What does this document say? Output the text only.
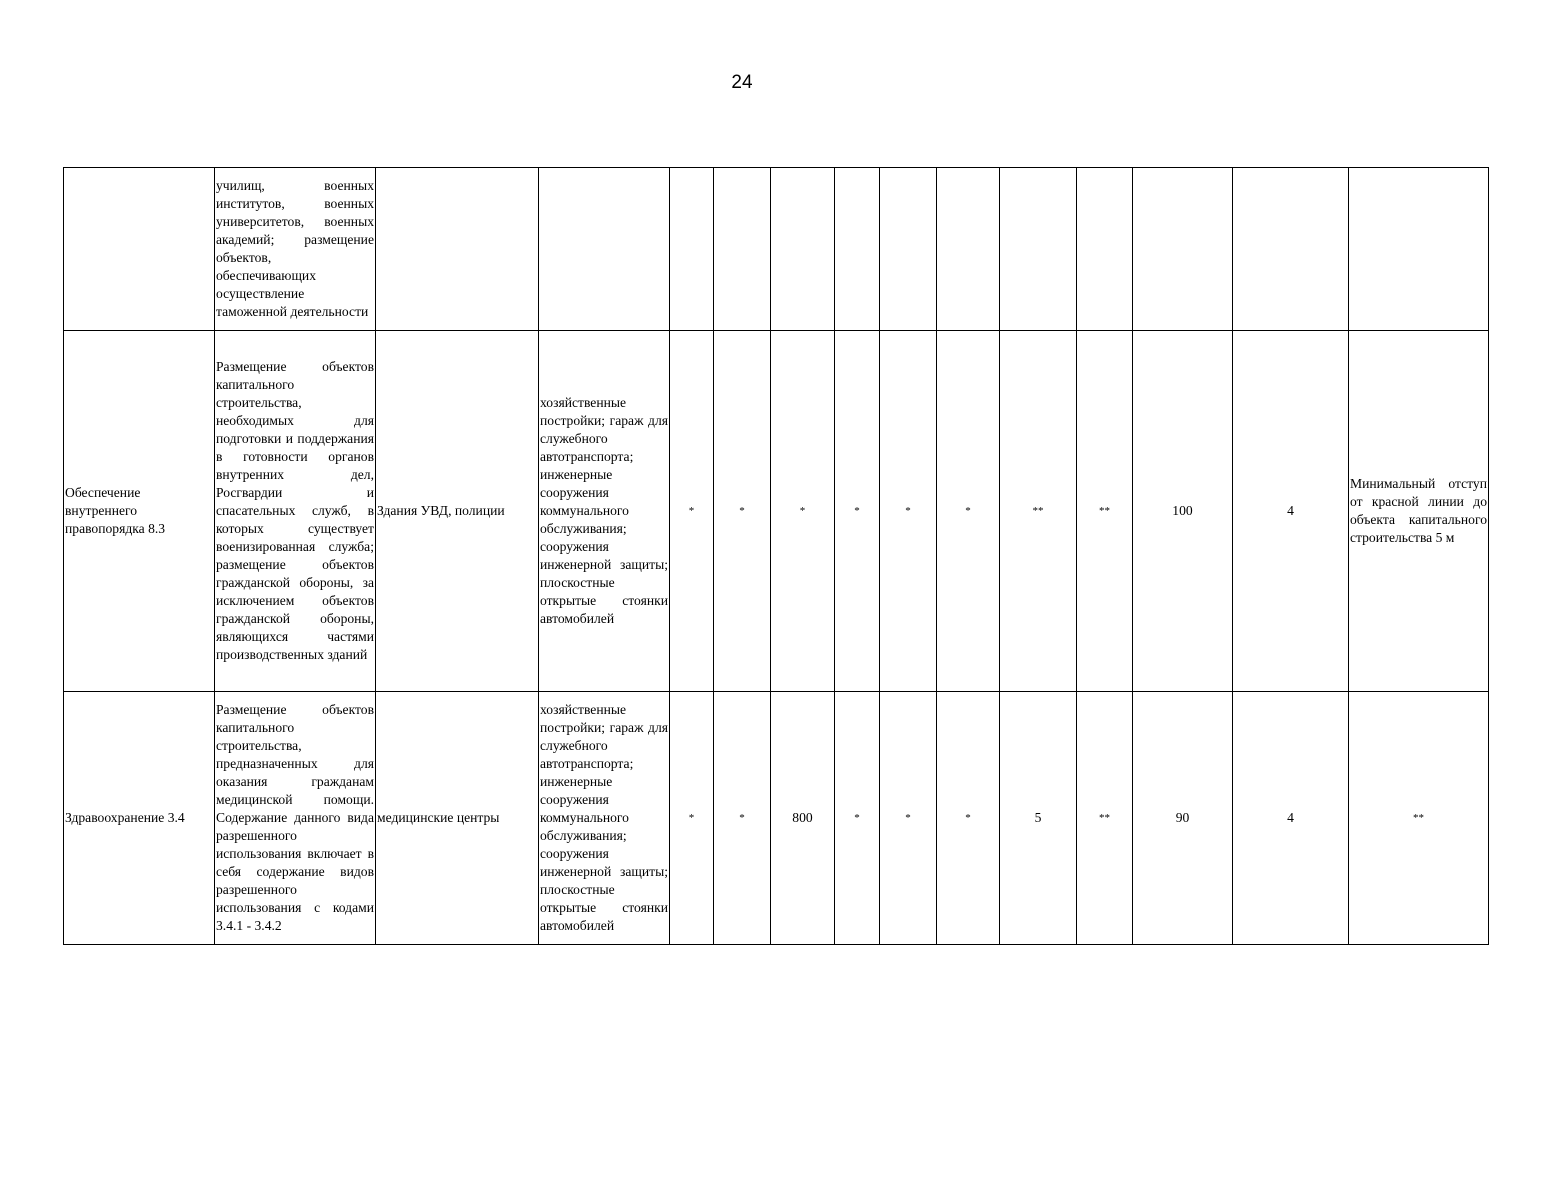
24
	училищ, военных институтов, военных университетов, военных академий; размещение объектов, обеспечивающих осуществление таможенной деятельности													
Обеспечение внутреннего правопорядка 8.3	Размещение объектов капитального строительства, необходимых для подготовки и поддержания в готовности органов внутренних дел, Росгвардии и спасательных служб, в которых существует военизированная служба; размещение объектов гражданской обороны, за исключением объектов гражданской обороны, являющихся частями производственных зданий	Здания УВД, полиции	хозяйственные постройки; гараж для служебного автотранспорта; инженерные сооружения коммунального обслуживания; сооружения инженерной защиты; плоскостные открытые стоянки автомобилей	*	*	*	*	*	*	**	**	100	4	Минимальный отступ от красной линии до объекта капитального строительства 5 м
Здравоохранение 3.4	Размещение объектов капитального строительства, предназначенных для оказания гражданам медицинской помощи. Содержание данного вида разрешенного использования включает в себя содержание видов разрешенного использования с кодами 3.4.1 - 3.4.2	медицинские центры	хозяйственные постройки; гараж для служебного автотранспорта; инженерные сооружения коммунального обслуживания; сооружения инженерной защиты; плоскостные открытые стоянки автомобилей	*	*	800	*	*	*	5	**	90	4	**
